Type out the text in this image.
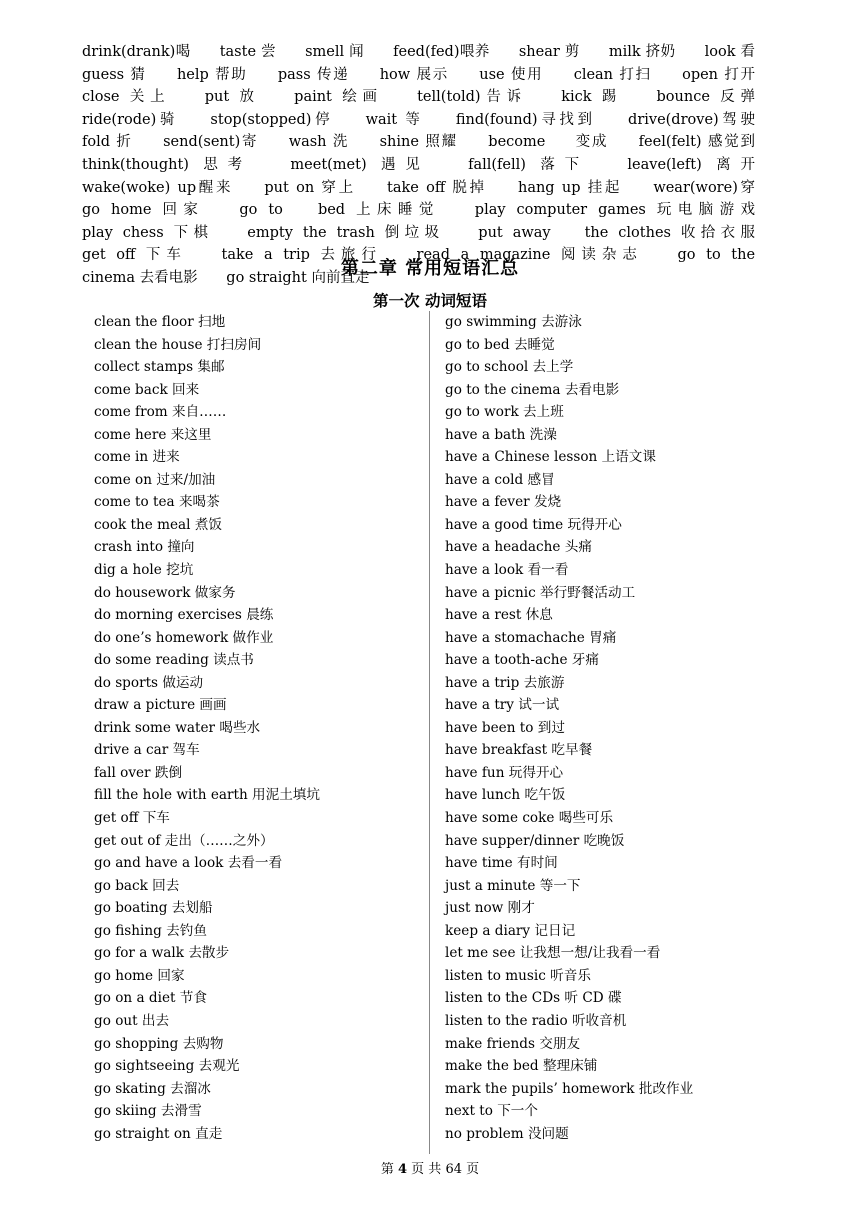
drink(drank)喝 taste 尝 smell 闻 feed(fed)喂养 shear 剪 milk 挤奶 look 看 guess 猜 help 帮助 pass 传递 how 展示 use 使用 clean 打扫 open 打开 close 关上 put 放 paint 绘画 tell(told)告诉 kick 踢 bounce 反弹 ride(rode)骑 stop(stopped)停 wait 等 find(found)寻找到 drive(drove)驾驶 fold 折 send(sent)寄 wash 洗 shine 照耀 become 变成 feel(felt) 感觉到 think(thought) 思考	meet(met) 遇见	fall(fell) 落下	leave(left) 离开 wake(woke) up醒来 put on 穿上 take off 脱掉 hang up 挂起 wear(wore)穿 go home 回家 go to bed 上床睡觉 play computer games 玩电脑游戏 play chess 下棋 empty the trash 倒垃圾 put away the clothes 收拾衣服 get off 下车 take a trip 去旅行 read a magazine 阅读杂志 go to the cinema 去看电影 go straight 向前直走
第二章 常用短语汇总
第一次 动词短语
clean the floor 扫地
clean the house 打扫房间
collect stamps 集邮
come back 回来
come from 来自……
come here 来这里
come in 进来
come on 过来/加油
come to tea 来喝茶
cook the meal 煮饭
crash into 撞向
dig a hole 挖坑
do housework 做家务
do morning exercises 晨练
do one’s homework 做作业
do some reading 读点书
do sports 做运动
draw a picture 画画
drink some water 喝些水
drive a car 驾车
fall over 跌倒
fill the hole with earth 用泥土填坑
get off 下车
get out of 走出（……之外）
go and have a look 去看一看
go back 回去
go boating 去划船
go fishing 去钓鱼
go for a walk 去散步
go home 回家
go on a diet 节食
go out 出去
go shopping 去购物
go sightseeing 去观光
go skating 去溜冰
go skiing 去滑雪
go straight on 直走
go swimming 去游泳
go to bed 去睡觉
go to school 去上学
go to the cinema 去看电影
go to work 去上班
have a bath 洗澡
have a Chinese lesson 上语文课
have a cold 感冒
have a fever 发烧
have a good time 玩得开心
have a headache 头痛
have a look 看一看
have a picnic 举行野餐活动工
have a rest 休息
have a stomachache 胃痛
have a tooth-ache 牙痛
have a trip 去旅游
have a try 试一试
have been to 到过
have breakfast 吃早餐
have fun 玩得开心
have lunch 吃午饭
have some coke 喝些可乐
have supper/dinner 吃晚饭
have time 有时间
just a minute 等一下
just now 刚才
keep a diary 记日记
let me see 让我想一想/让我看一看
listen to music 听音乐
listen to the CDs 听 CD 碟
listen to the radio 听收音机
make friends 交朋友
make the bed 整理床铺
mark the pupils’ homework 批改作业
next to 下一个
no problem 没问题
第 4 页 共 64 页
